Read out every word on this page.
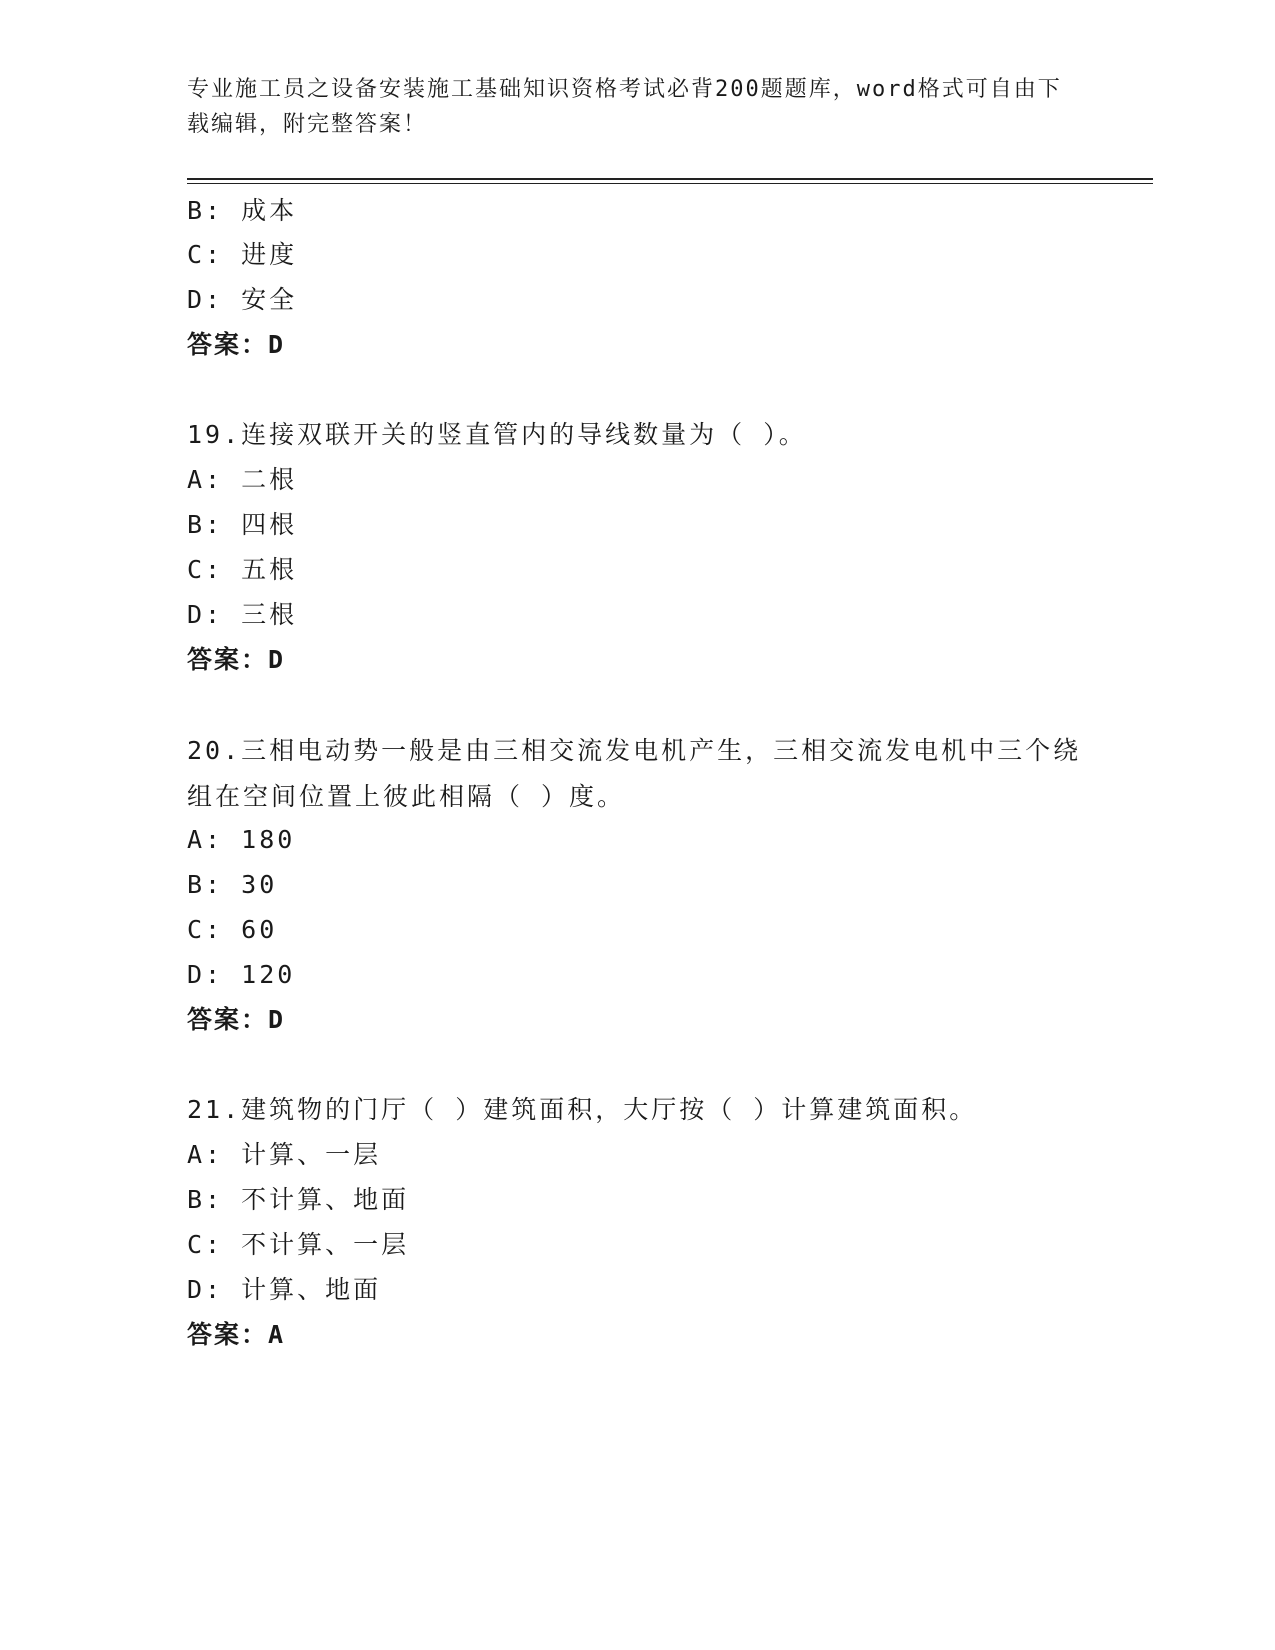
专业施工员之设备安装施工基础知识资格考试必背200题题库，word格式可自由下载编辑，附完整答案！
B: 成本
C: 进度
D: 安全
答案：D
19.连接双联开关的竖直管内的导线数量为（ ）。
A: 二根
B: 四根
C: 五根
D: 三根
答案：D
20.三相电动势一般是由三相交流发电机产生，三相交流发电机中三个绕组在空间位置上彼此相隔（ ）度。
A: 180
B: 30
C: 60
D: 120
答案：D
21.建筑物的门厅（ ）建筑面积，大厅按（ ）计算建筑面积。
A: 计算、一层
B: 不计算、地面
C: 不计算、一层
D: 计算、地面
答案：A
